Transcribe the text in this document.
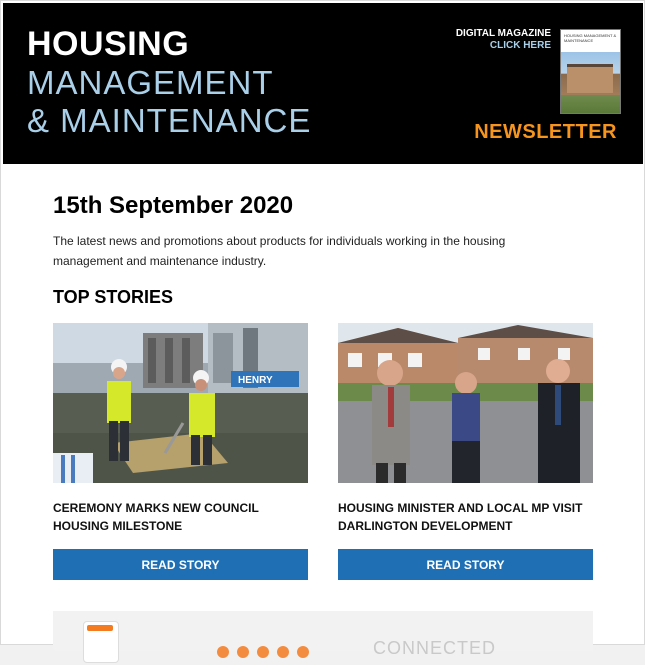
HOUSING
MANAGEMENT
& MAINTENANCE
DIGITAL MAGAZINE
CLICK HERE
HOUSING MANAGEMENT & MAINTENANCE
NEWSLETTER
15th September 2020
The latest news and promotions about products for individuals working in the housing management and maintenance industry.
TOP STORIES
HENRY
CEREMONY MARKS NEW COUNCIL HOUSING MILESTONE
READ STORY
HOUSING MINISTER AND LOCAL MP VISIT DARLINGTON DEVELOPMENT
READ STORY
CONNECTED
